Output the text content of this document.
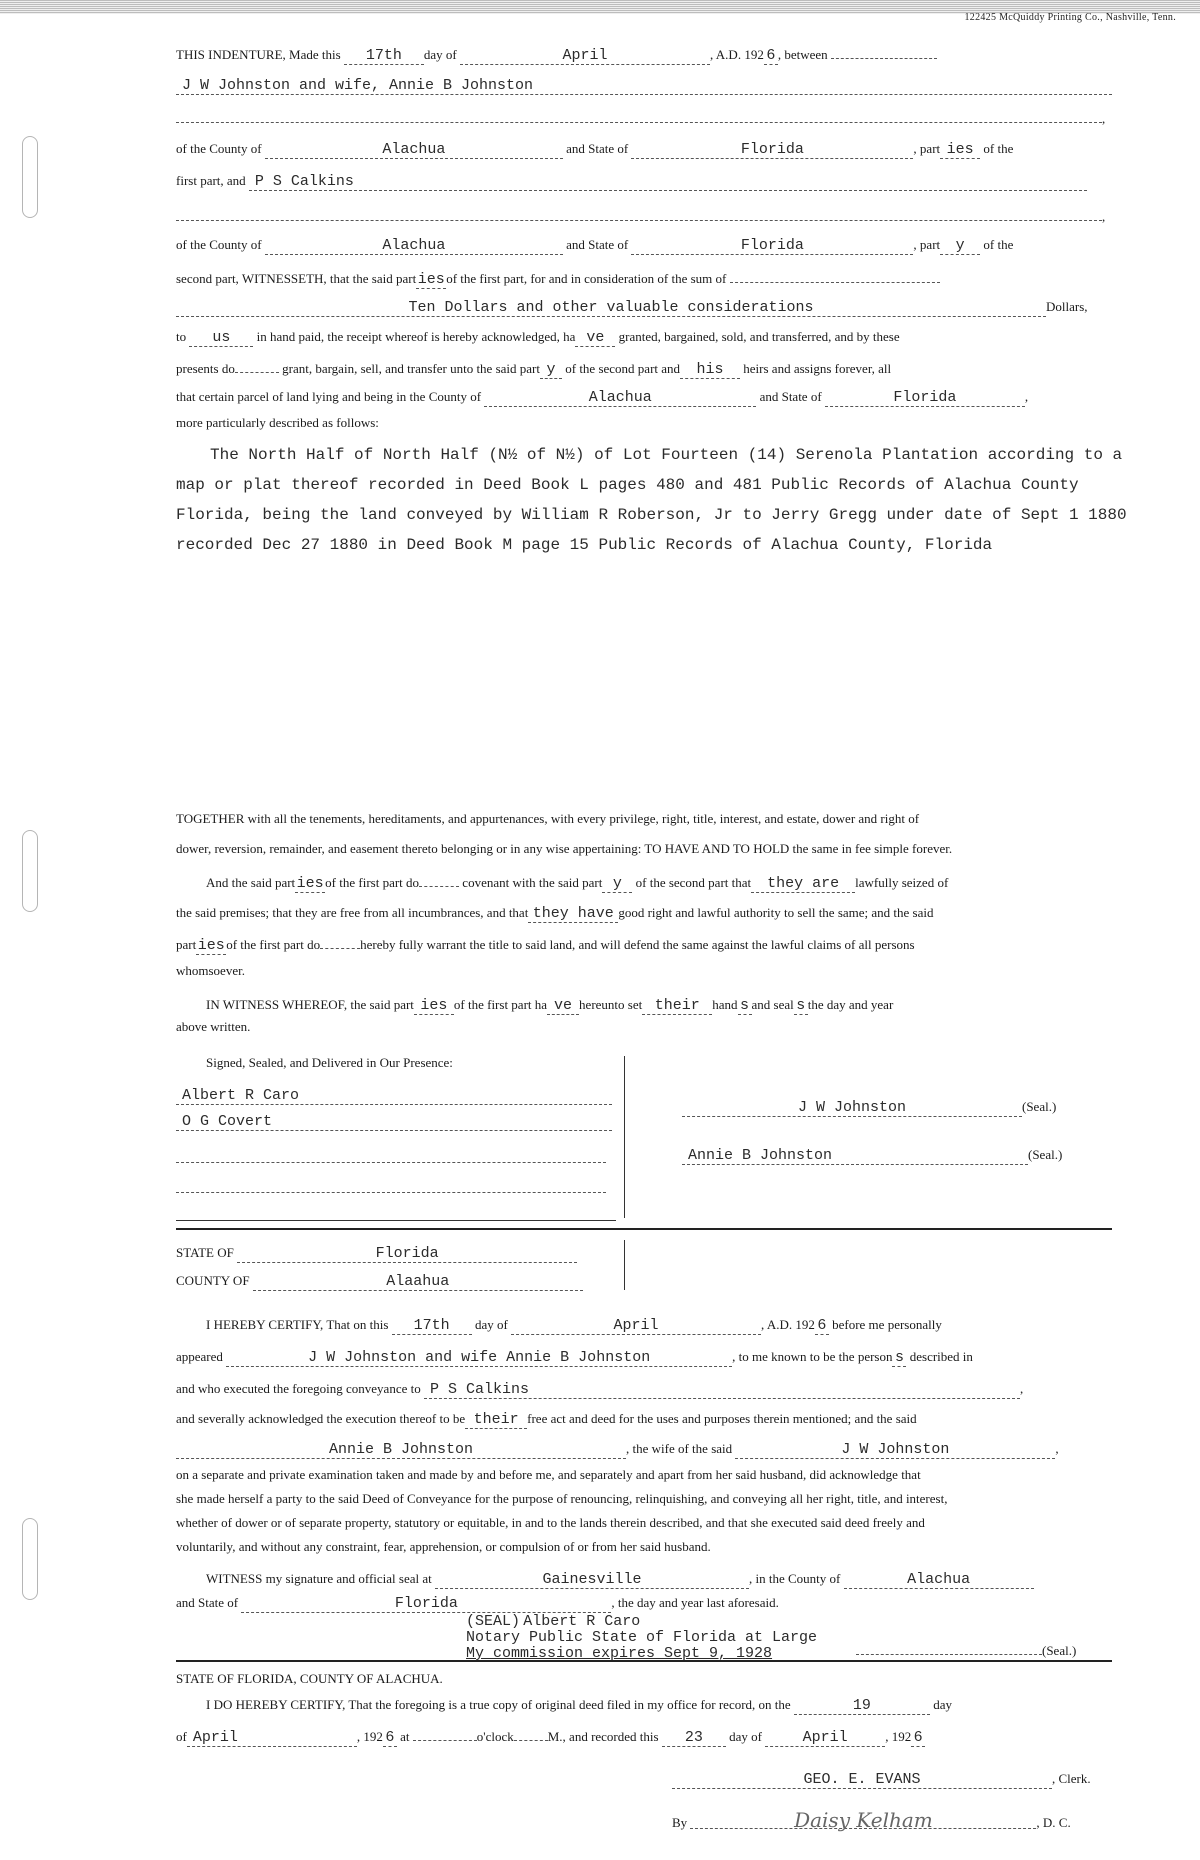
122425 McQuiddy Printing Co., Nashville, Tenn.
THIS INDENTURE, Made this 17th day of	April	, A.D. 192 6 , between
J W Johnston and wife, Annie B Johnston
,
of the County of	Alachua	and State of	Florida	, part ies of the
first part, and P S Calkins
,
of the County of	Alachua	and State of	Florida	, part y of the
second part, WITNESSETH, that the said parties of the first part, for and in consideration of the sum of
Ten Dollars and other valuable considerations	Dollars,
to us in hand paid, the receipt whereof is hereby acknowledged, ha ve granted, bargained, sold, and transferred, and by these
presents do	grant, bargain, sell, and transfer unto the said part y of the second part and his heirs and assigns forever, all
that certain parcel of land lying and being in the County of	Alachua	and State of	Florida	,
more particularly described as follows:
The North Half of North Half (N½ of N½) of Lot Fourteen (14) Serenola Plantation according to a map or plat thereof recorded in Deed Book L pages 480 and 481 Public Records of Alachua County Florida, being the land conveyed by William R Roberson, Jr to Jerry Gregg under date of Sept 1 1880 recorded Dec 27 1880 in Deed Book M page 15 Public Records of Alachua County, Florida
TOGETHER with all the tenements, hereditaments, and appurtenances, with every privilege, right, title, interest, and estate, dower and right of
dower, reversion, remainder, and easement thereto belonging or in any wise appertaining: TO HAVE AND TO HOLD the same in fee simple forever.
And the said parties of the first part do	covenant with the said part y of the second part that they are lawfully seized of
the said premises; that they are free from all incumbrances, and that they have good right and lawful authority to sell the same; and the said
parties of the first part do	hereby fully warrant the title to said land, and will defend the same against the lawful claims of all persons
whomsoever.
IN WITNESS WHEREOF, the said part ies of the first part ha ve hereunto set their hand s and seal s the day and year
above written.
Signed, Sealed, and Delivered in Our Presence:
Albert R Caro
O G Covert
J W Johnston	(Seal.)
Annie B Johnston	(Seal.)
STATE OF	Florida
COUNTY OF	Alaahua
I HEREBY CERTIFY, That on this 17th day of	April	, A.D. 192 6 before me personally
appeared	J W Johnston and wife Annie B Johnston	, to me known to be the person s described in
and who executed the foregoing conveyance to P S Calkins	,
and severally acknowledged the execution thereof to be their free act and deed for the uses and purposes therein mentioned; and the said
Annie B Johnston	, the wife of the said	J W Johnston	,
on a separate and private examination taken and made by and before me, and separately and apart from her said husband, did acknowledge that
she made herself a party to the said Deed of Conveyance for the purpose of renouncing, relinquishing, and conveying all her right, title, and interest,
whether of dower or of separate property, statutory or equitable, in and to the lands therein described, and that she executed said deed freely and
voluntarily, and without any constraint, fear, apprehension, or compulsion of or from her said husband.
WITNESS my signature and official seal at	Gainesville	, in the County of	Alachua
and State of	Florida	, the day and year last aforesaid.
(SEAL) Albert R Caro
Notary Public State of Florida at Large
My commission expires Sept 9, 1928	(Seal.)
STATE OF FLORIDA, COUNTY OF ALACHUA.
I DO HEREBY CERTIFY, That the foregoing is a true copy of original deed filed in my office for record, on the	19	day
of April	, 192 6 at	o'clock	M., and recorded this 23 day of	April	, 192 6
GEO. E. EVANS	, Clerk.
By	Daisy Kelham	, D. C.
